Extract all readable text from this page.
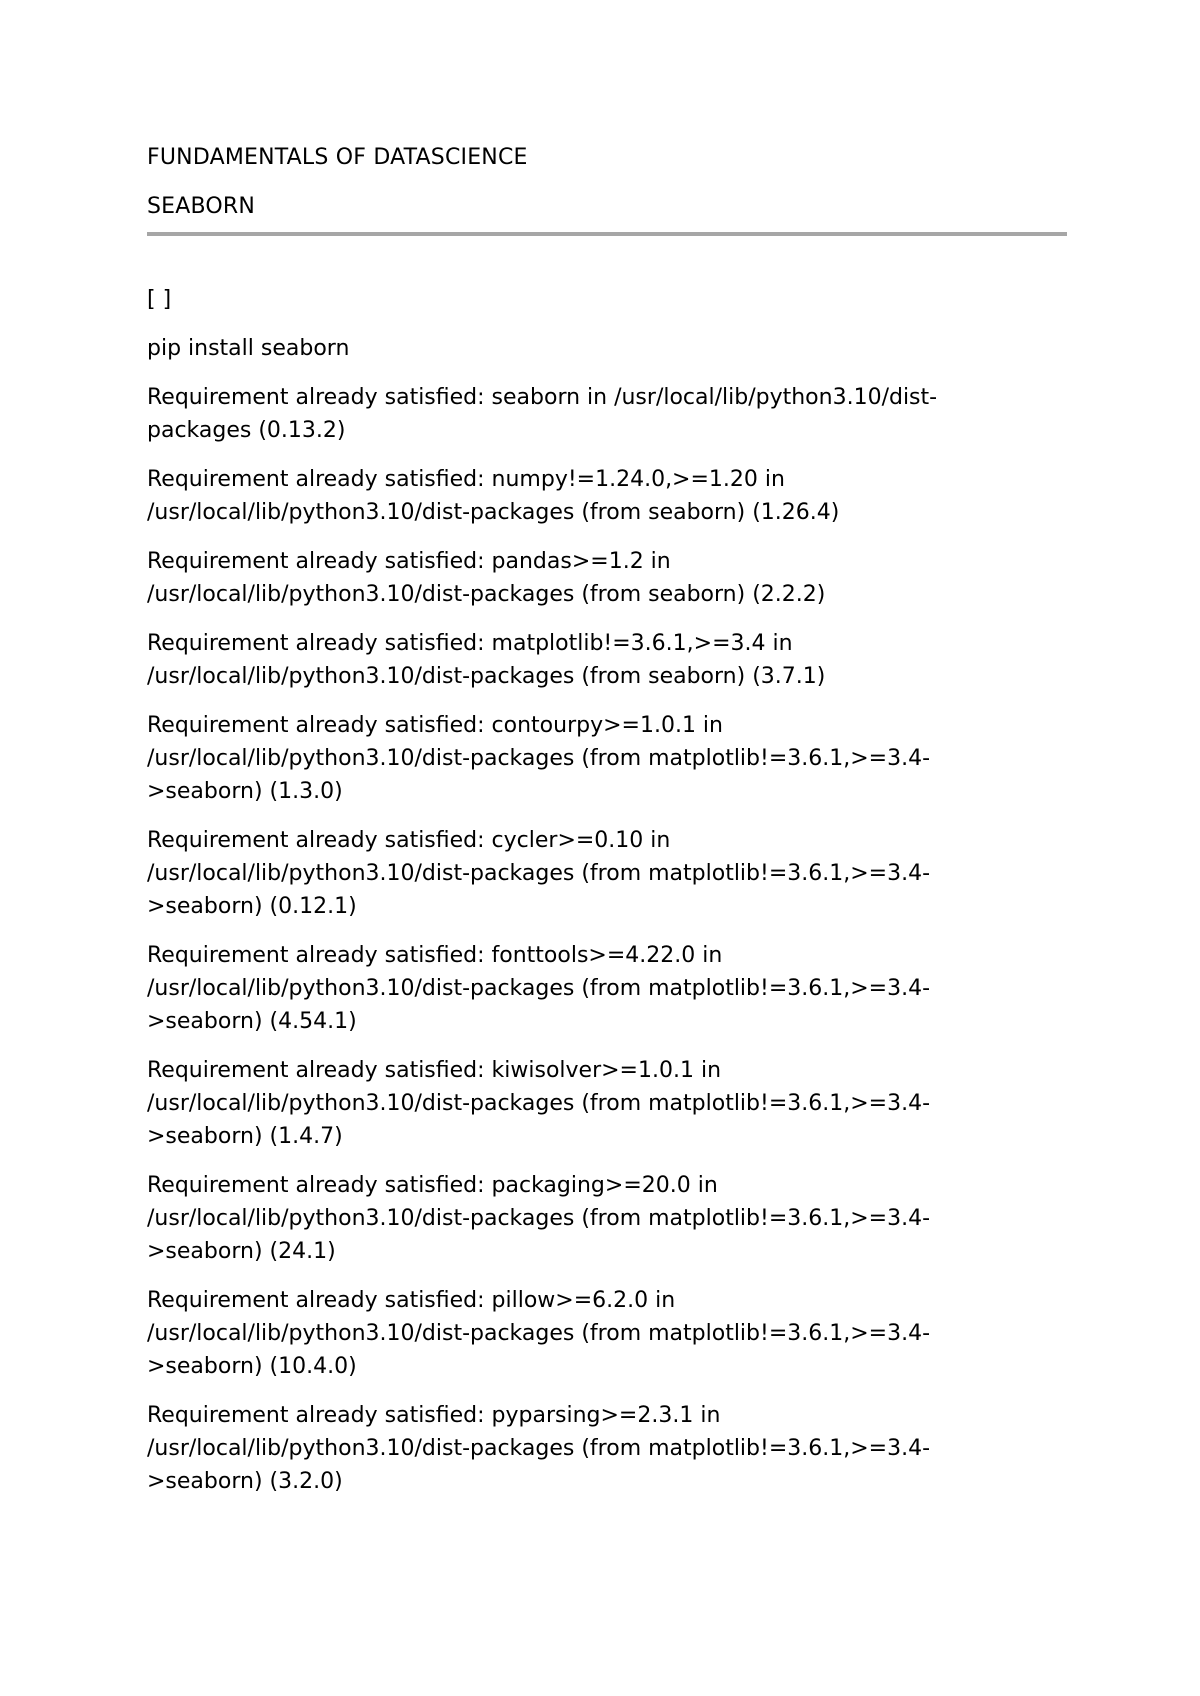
FUNDAMENTALS OF DATASCIENCE

SEABORN

[ ]

pip install seaborn

Requirement already satisfied: seaborn in /usr/local/lib/python3.10/dist-
packages (0.13.2)

Requirement already satisfied: numpy!=1.24.0,>=1.20 in
/usr/local/lib/python3.10/dist-packages (from seaborn) (1.26.4)

Requirement already satisfied: pandas>=1.2 in
/usr/local/lib/python3.10/dist-packages (from seaborn) (2.2.2)

Requirement already satisfied: matplotlib!=3.6.1,>=3.4 in
/usr/local/lib/python3.10/dist-packages (from seaborn) (3.7.1)

Requirement already satisfied: contourpy>=1.0.1 in
/usr/local/lib/python3.10/dist-packages (from matplotlib!=3.6.1,>=3.4-
>seaborn) (1.3.0)

Requirement already satisfied: cycler>=0.10 in
/usr/local/lib/python3.10/dist-packages (from matplotlib!=3.6.1,>=3.4-
>seaborn) (0.12.1)

Requirement already satisfied: fonttools>=4.22.0 in
/usr/local/lib/python3.10/dist-packages (from matplotlib!=3.6.1,>=3.4-
>seaborn) (4.54.1)

Requirement already satisfied: kiwisolver>=1.0.1 in
/usr/local/lib/python3.10/dist-packages (from matplotlib!=3.6.1,>=3.4-
>seaborn) (1.4.7)

Requirement already satisfied: packaging>=20.0 in
/usr/local/lib/python3.10/dist-packages (from matplotlib!=3.6.1,>=3.4-
>seaborn) (24.1)

Requirement already satisfied: pillow>=6.2.0 in
/usr/local/lib/python3.10/dist-packages (from matplotlib!=3.6.1,>=3.4-
>seaborn) (10.4.0)

Requirement already satisfied: pyparsing>=2.3.1 in
/usr/local/lib/python3.10/dist-packages (from matplotlib!=3.6.1,>=3.4-
>seaborn) (3.2.0)
